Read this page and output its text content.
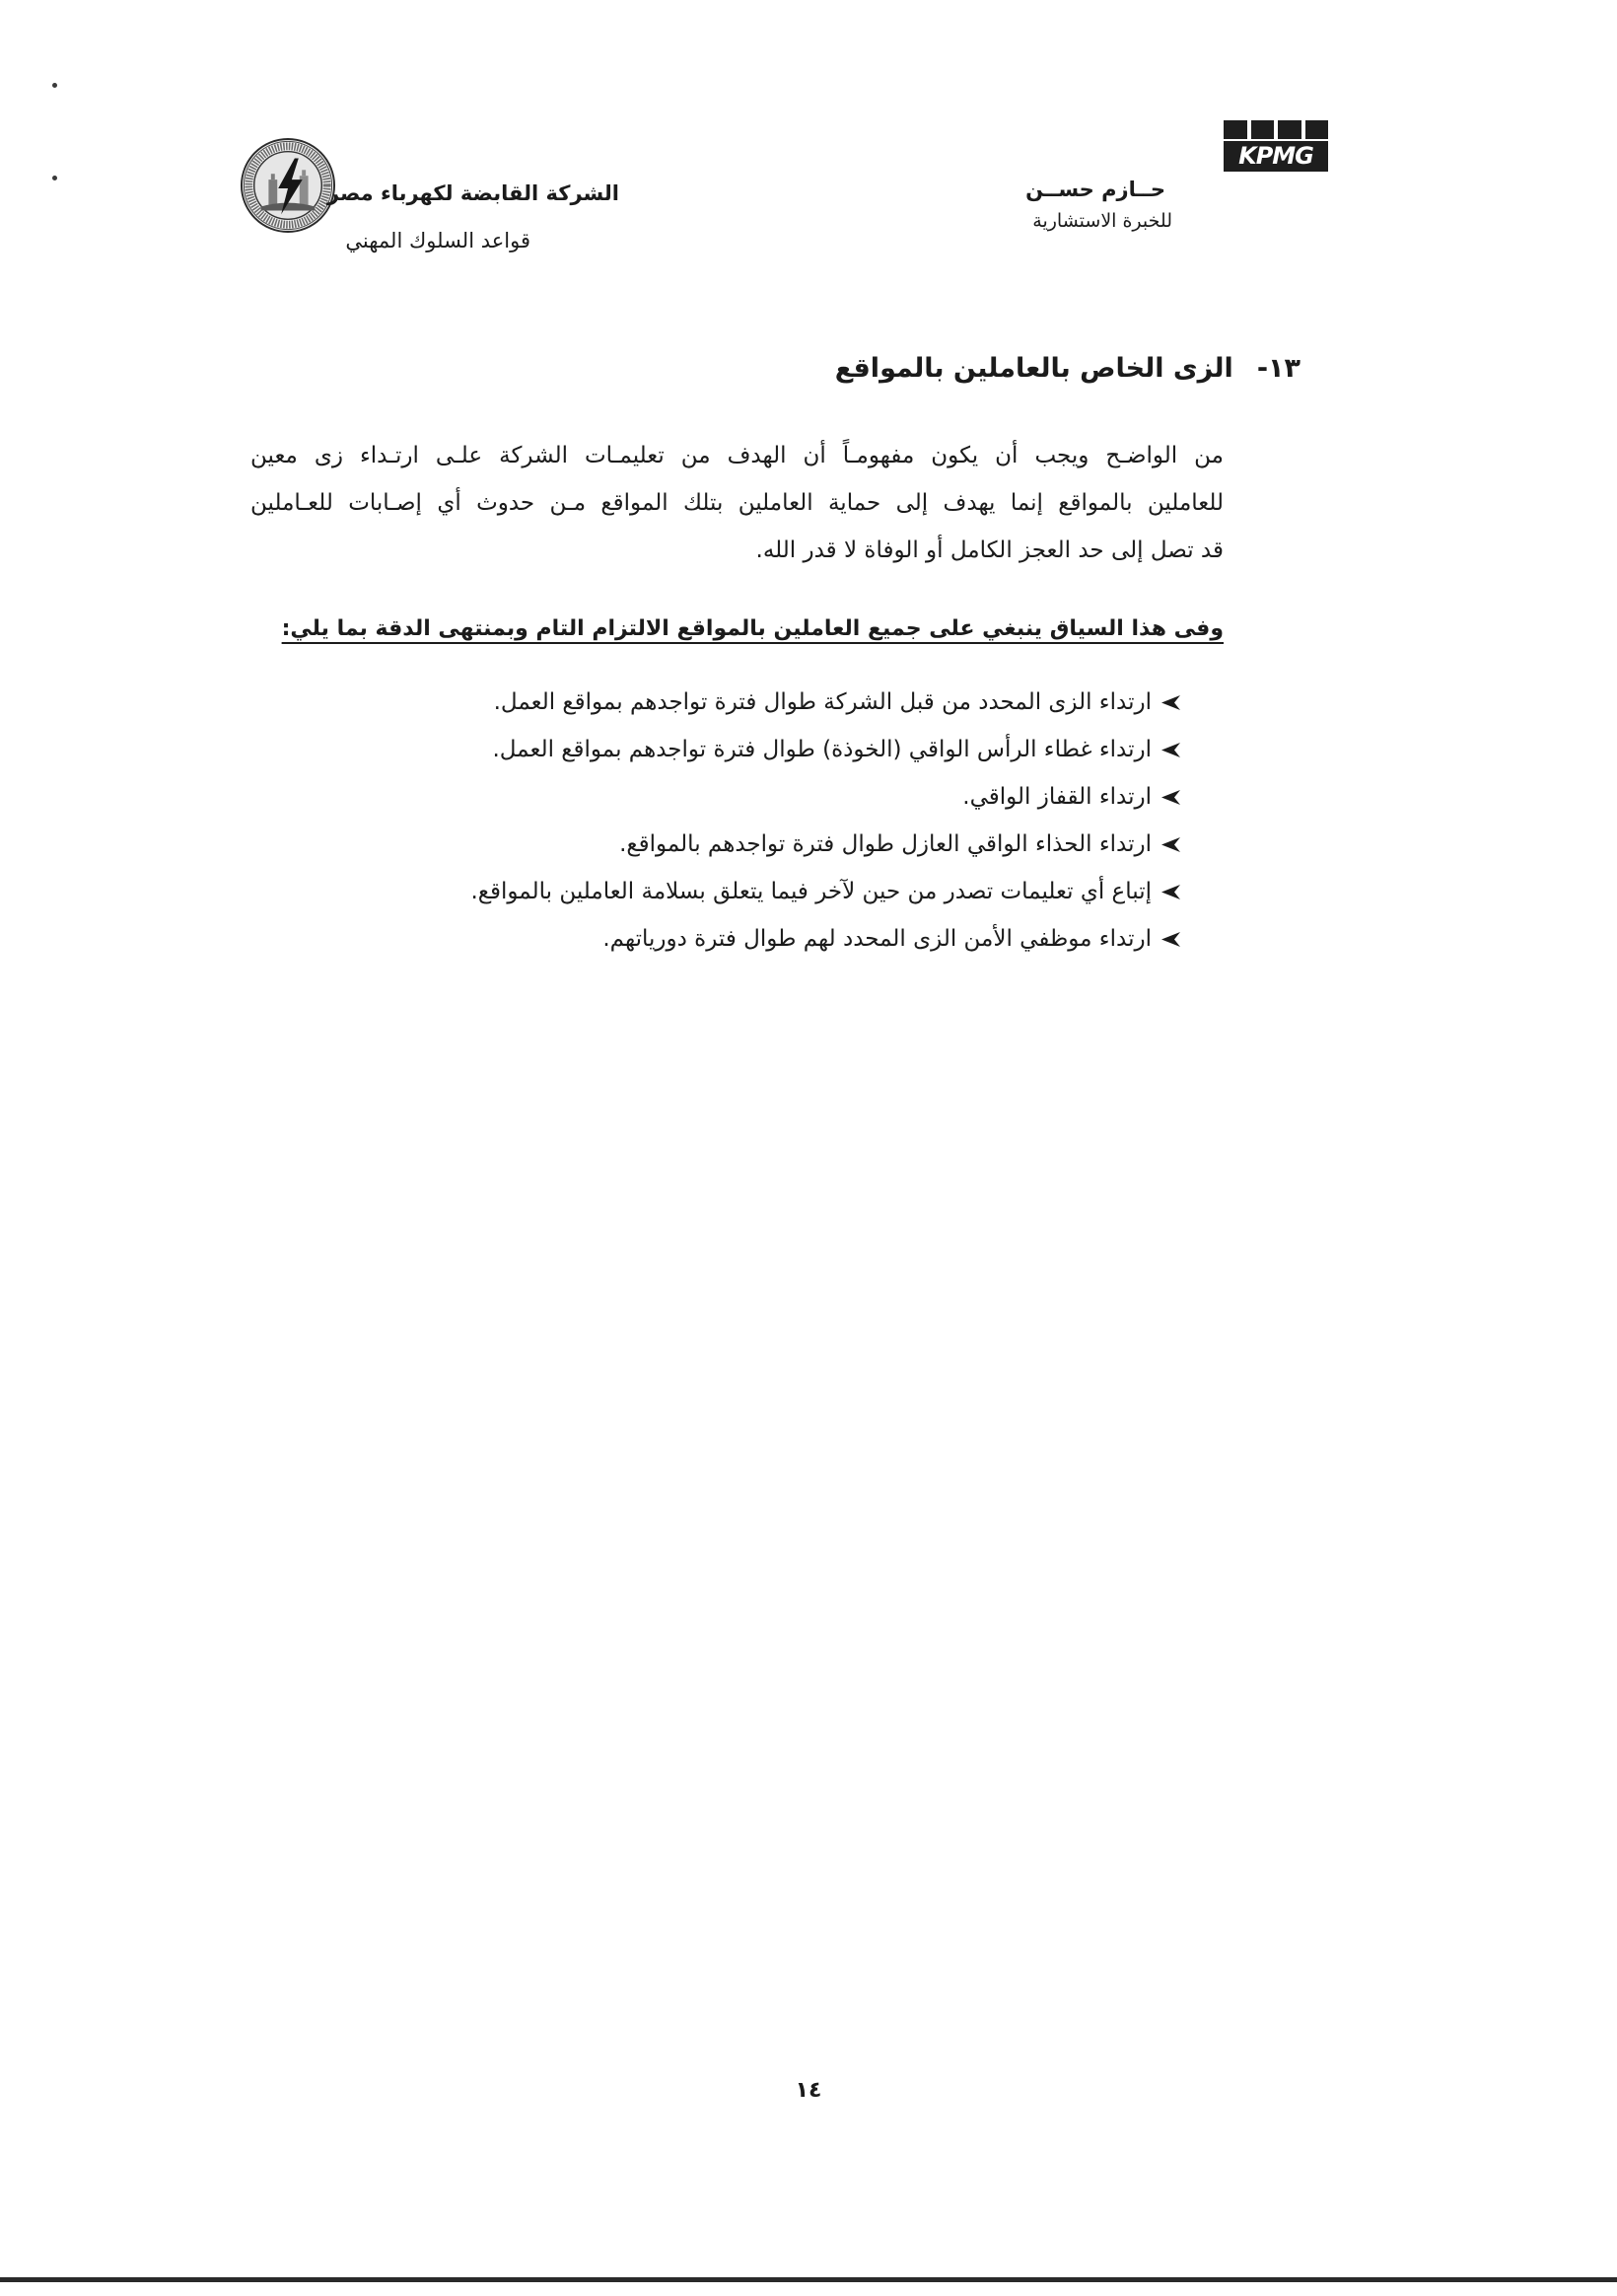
الشركة القابضة لكهرباء مصر
قواعد السلوك المهني
KPMG
حــازم حســن
للخبرة الاستشارية
١٣-
الزى الخاص بالعاملين بالمواقع
من الواضـح ويجب أن يكون مفهومـاً أن الهدف من تعليمـات الشركة علـى ارتـداء زى معين
للعاملين بالمواقع إنما يهدف إلى حماية العاملين بتلك المواقع مـن حدوث أي إصـابات للعـاملين
قد تصل إلى حد العجز الكامل أو الوفاة لا قدر الله.
وفى هذا السياق ينبغي على جميع العاملين بالمواقع الالتزام التام وبمنتهى الدقة بما يلي:
ارتداء الزى المحدد من قبل الشركة طوال فترة تواجدهم بمواقع العمل.
ارتداء غطاء الرأس الواقي (الخوذة) طوال فترة تواجدهم بمواقع العمل.
ارتداء القفاز الواقي.
ارتداء الحذاء الواقي العازل طوال فترة تواجدهم بالمواقع.
إتباع أي تعليمات تصدر من حين لآخر فيما يتعلق بسلامة العاملين بالمواقع.
ارتداء موظفي الأمن الزى المحدد لهم طوال فترة دورياتهم.
١٤
